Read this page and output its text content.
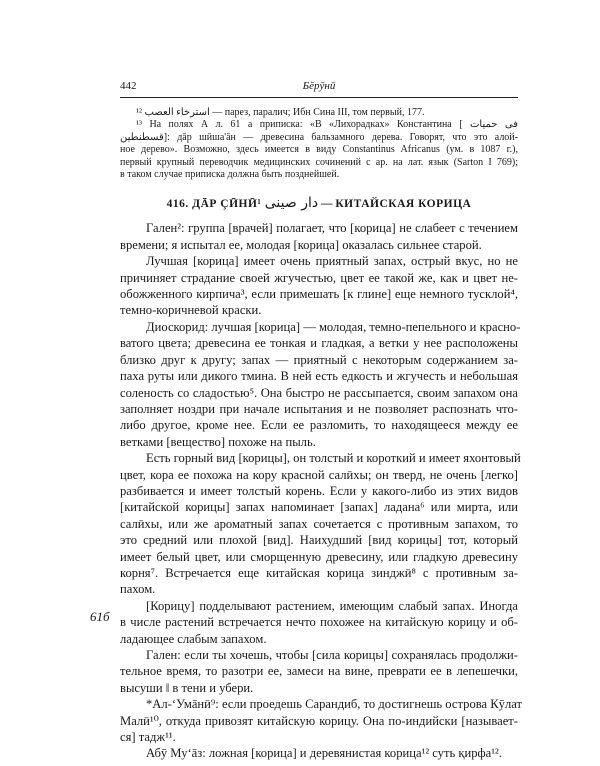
442	Бӗрӯнӣ
¹² استرخاء العصب — парез, паралич; Ибн Сина III, том первый, 177.
¹³ На полях А л. 61 а приписка: «В «Лихорадках» Константина [ فى حميات
قسطنطين]: дāр шӣша'āн — древесина бальзамного дерева. Говорят, что это алой-
ное дерево». Возможно, здесь имеется в виду Constantinus Africanus (ум. в 1087 г.),
первый крупный переводчик медицинских сочинений с ар. на лат. язык (Sarton I 769);
в таком случае приписка должна быть позднейшей.
416. ДĀР ÇӢНӢ¹ دار صينى — КИТАЙСКАЯ КОРИЦА
Гален²: группа [врачей] полагает, что [корица] не слабеет с течением
времени; я испытал ее, молодая [корица] оказалась сильнее старой.
Лучшая [корица] имеет очень приятный запах, острый вкус, но не
причиняет страдание своей жгучестью, цвет ее такой же, как и цвет не-
обожженного кирпича³, если примешать [к глине] еще немного тусклой⁴,
темно-коричневой краски.
Диоскорид: лучшая [корица] — молодая, темно-пепельного и красно-
ватого цвета; древесина ее тонкая и гладкая, а ветки у нее расположены
близко друг к другу; запах — приятный с некоторым содержанием за-
паха руты или дикого тмина. В ней есть едкость и жгучесть и небольшая
соленость со сладостью⁵. Она быстро не рассыпается, своим запахом она
заполняет ноздри при начале испытания и не позволяет распознать что-
либо другое, кроме нее. Если ее разломить, то находящееся между ее
ветками [вещество] похоже на пыль.
Есть горный вид [корицы], он толстый и короткий и имеет яхонтовый
цвет, кора ее похожа на кору красной салӣхы; он тверд, не очень [легко]
разбивается и имеет толстый корень. Если у какого-либо из этих видов
[китайской корицы] запах напоминает [запах] ладана⁶ или мирта, или
салӣхы, или же ароматный запах сочетается с противным запахом, то
это средний или плохой [вид]. Наихудший [вид корицы] тот, который
имеет белый цвет, или сморщенную древесину, или гладкую древесину
корня⁷. Встречается еще китайская корица зинджӣ⁸ с противным за-
пахом.
[Корицу] подделывают растением, имеющим слабый запах. Иногда
в числе растений встречается нечто похожее на китайскую корицу и об-
ладающее слабым запахом.
Гален: если ты хочешь, чтобы [сила корицы] сохранялась продолжи-
тельное время, то разотри ее, замеси на вине, преврати ее в лепешечки,
высуши ‖ в тени и убери.
*Ал-‘Умāнӣ⁹: если проедешь Сарандиб, то достигнешь острова Кӯлат
Малӣ¹⁰, откуда привозят китайскую корицу. Она по-индийски [называет-
ся] тадж¹¹.
Абӯ Му‘āз: ложная [корица] и деревянистая корица¹² суть қирфа¹².
61б
